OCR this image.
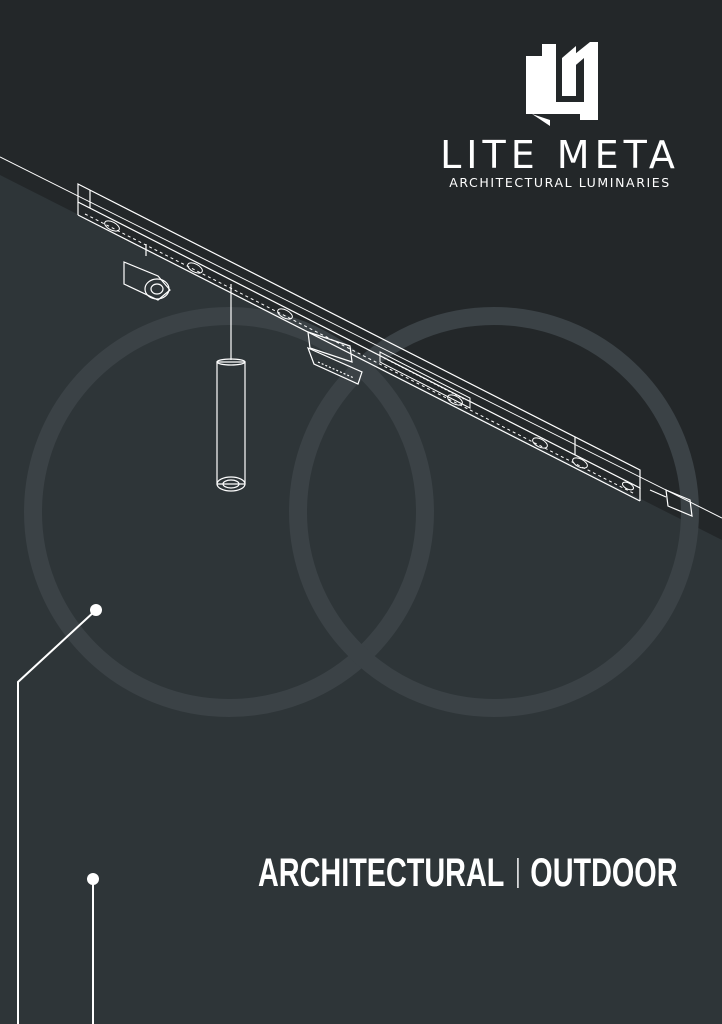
LITE META
ARCHITECTURAL LUMINARIES
ARCHITECTURAL OUTDOOR
